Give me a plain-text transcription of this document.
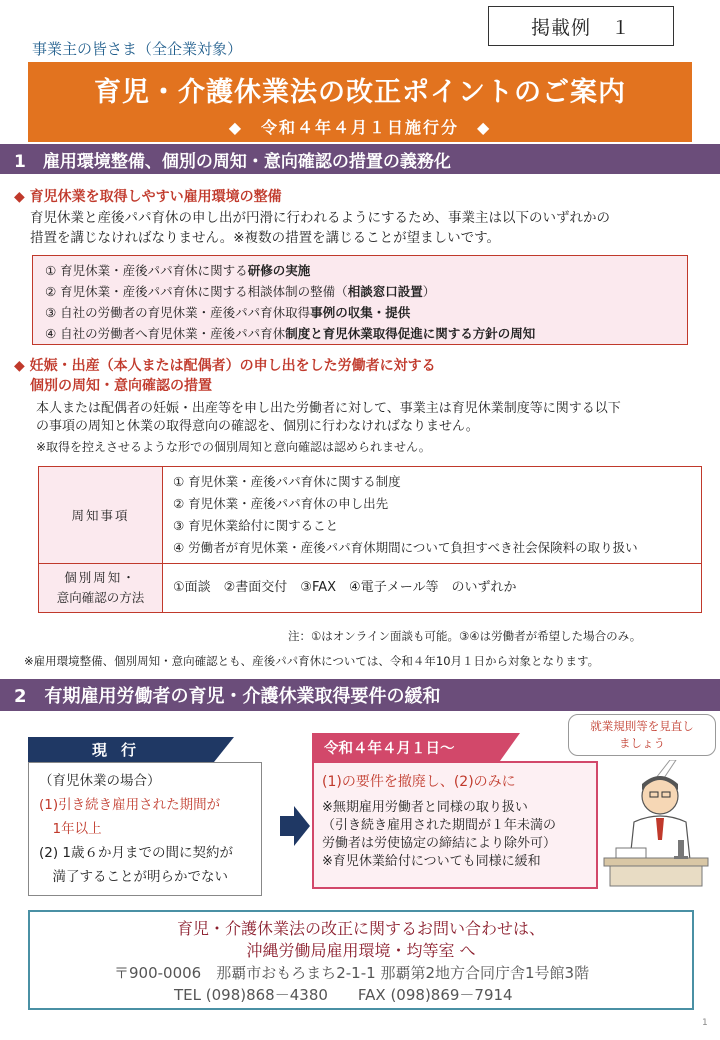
掲載例　１
事業主の皆さま（全企業対象）
育児・介護休業法の改正ポイントのご案内
◆　令和４年４月１日施行分　◆
1　雇用環境整備、個別の周知・意向確認の措置の義務化
◆ 育児休業を取得しやすい雇用環境の整備
育児休業と産後パパ育休の申し出が円滑に行われるようにするため、事業主は以下のいずれかの
措置を講じなければなりません。※複数の措置を講じることが望ましいです。
① 育児休業・産後パパ育休に関する研修の実施
② 育児休業・産後パパ育休に関する相談体制の整備（相談窓口設置）
③ 自社の労働者の育児休業・産後パパ育休取得事例の収集・提供
④ 自社の労働者へ育児休業・産後パパ育休制度と育児休業取得促進に関する方針の周知
◆ 妊娠・出産（本人または配偶者）の申し出をした労働者に対する
個別の周知・意向確認の措置
本人または配偶者の妊娠・出産等を申し出た労働者に対して、事業主は育児休業制度等に関する以下
の事項の周知と休業の取得意向の確認を、個別に行わなければなりません。
※取得を控えさせるような形での個別周知と意向確認は認められません。
周知事項	① 育児休業・産後パパ育休に関する制度
② 育児休業・産後パパ育休の申し出先
③ 育児休業給付に関すること
④ 労働者が育児休業・産後パパ育休期間について負担すべき社会保険料の取り扱い

個別周知・
意向確認の方法	①面談　②書面交付　③FAX　④電子メール等　のいずれか
注：①はオンライン面談も可能。③④は労働者が希望した場合のみ。
※雇用環境整備、個別周知・意向確認とも、産後パパ育休については、令和４年10月１日から対象となります。
2　有期雇用労働者の育児・介護休業取得要件の緩和
現行
（育児休業の場合）
(1)引き続き雇用された期間が
　1年以上
(2) 1歳６か月までの間に契約が
　満了することが明らかでない
令和４年４月１日～
(1)の要件を撤廃し、(2)のみに
※無期雇用労働者と同様の取り扱い
（引き続き雇用された期間が１年未満の
労働者は労使協定の締結により除外可）
※育児休業給付についても同様に緩和
就業規則等を見直し
ましょう
育児・介護休業法の改正に関するお問い合わせは、
沖縄労働局雇用環境・均等室 へ
〒900-0006　那覇市おもろまち2-1-1 那覇第2地方合同庁舎1号館3階
TEL (098)868－4380　　FAX (098)869－7914
1
